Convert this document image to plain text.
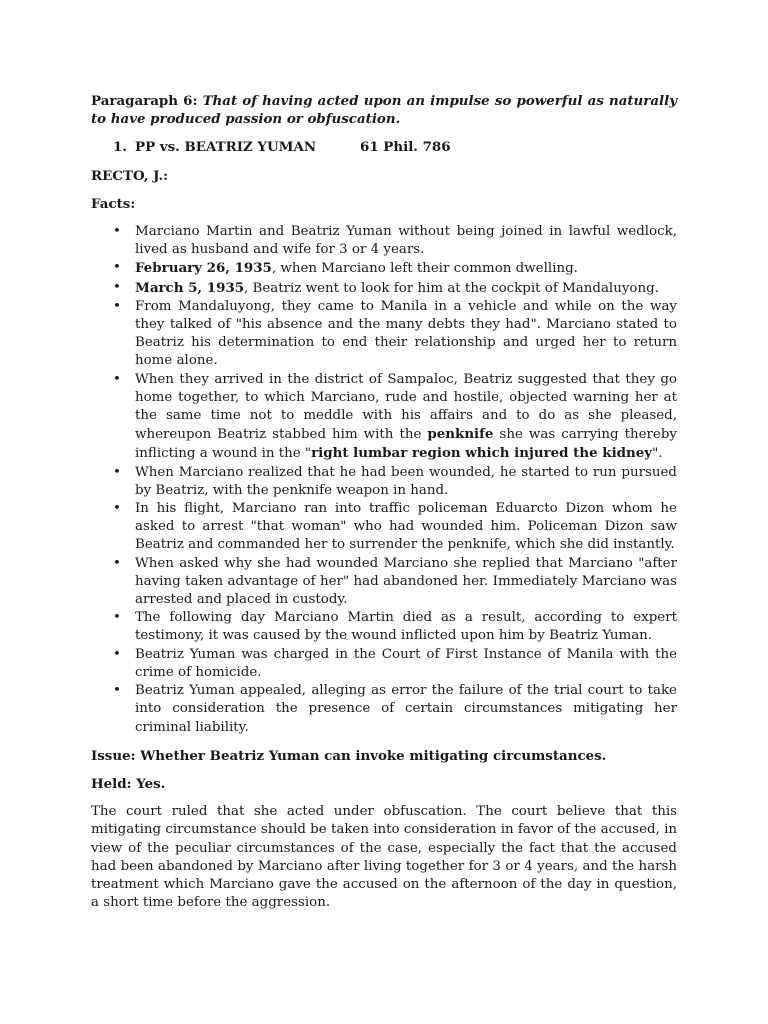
Paragaraph 6: That of having acted upon an impulse so powerful as naturally to have produced passion or obfuscation.

1. PP vs. BEATRIZ YUMAN	61 Phil. 786

RECTO, J.:

Facts:

• Marciano Martin and Beatriz Yuman without being joined in lawful wedlock, lived as husband and wife for 3 or 4 years.
• February 26, 1935, when Marciano left their common dwelling.
• March 5, 1935, Beatriz went to look for him at the cockpit of Mandaluyong.
• From Mandaluyong, they came to Manila in a vehicle and while on the way they talked of "his absence and the many debts they had". Marciano stated to Beatriz his determination to end their relationship and urged her to return home alone.
• When they arrived in the district of Sampaloc, Beatriz suggested that they go home together, to which Marciano, rude and hostile, objected warning her at the same time not to meddle with his affairs and to do as she pleased, whereupon Beatriz stabbed him with the penknife she was carrying thereby inflicting a wound in the "right lumbar region which injured the kidney".
• When Marciano realized that he had been wounded, he started to run pursued by Beatriz, with the penknife weapon in hand.
• In his flight, Marciano ran into traffic policeman Eduarcto Dizon whom he asked to arrest "that woman" who had wounded him. Policeman Dizon saw Beatriz and commanded her to surrender the penknife, which she did instantly.
• When asked why she had wounded Marciano she replied that Marciano "after having taken advantage of her" had abandoned her. Immediately Marciano was arrested and placed in custody.
• The following day Marciano Martin died as a result, according to expert testimony, it was caused by the wound inflicted upon him by Beatriz Yuman.
• Beatriz Yuman was charged in the Court of First Instance of Manila with the crime of homicide.
• Beatriz Yuman appealed, alleging as error the failure of the trial court to take into consideration the presence of certain circumstances mitigating her criminal liability.

Issue: Whether Beatriz Yuman can invoke mitigating circumstances.

Held: Yes.

The court ruled that she acted under obfuscation. The court believe that this mitigating circumstance should be taken into consideration in favor of the accused, in view of the peculiar circumstances of the case, especially the fact that the accused had been abandoned by Marciano after living together for 3 or 4 years, and the harsh treatment which Marciano gave the accused on the afternoon of the day in question, a short time before the aggression.
